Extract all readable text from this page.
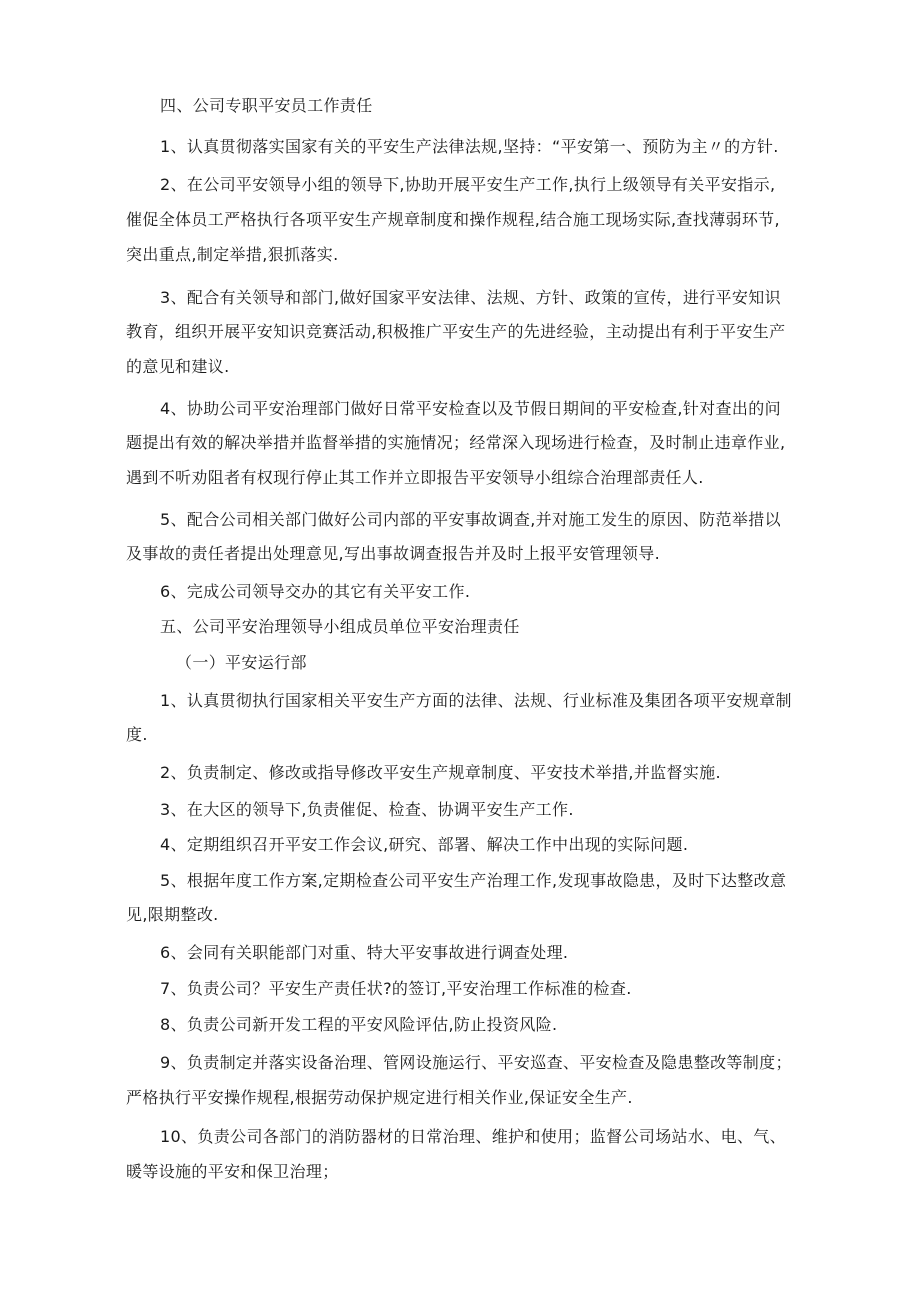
四、公司专职平安员工作责任
1、认真贯彻落实国家有关的平安生产法律法规,坚持：“平安第一、预防为主〃的方针.
2、在公司平安领导小组的领导下,协助开展平安生产工作,执行上级领导有关平安指示,
催促全体员工严格执行各项平安生产规章制度和操作规程,结合施工现场实际,查找薄弱环节,
突出重点,制定举措,狠抓落实.
3、配合有关领导和部门,做好国家平安法律、法规、方针、政策的宣传，进行平安知识
教育，组织开展平安知识竞赛活动,积极推广平安生产的先进经验，主动提出有利于平安生产
的意见和建议.
4、协助公司平安治理部门做好日常平安检查以及节假日期间的平安检查,针对查出的问
题提出有效的解决举措并监督举措的实施情况；经常深入现场进行检查，及时制止违章作业,
遇到不听劝阻者有权现行停止其工作并立即报告平安领导小组综合治理部责任人.
5、配合公司相关部门做好公司内部的平安事故调查,并对施工发生的原因、防范举措以
及事故的责任者提出处理意见,写出事故调查报告并及时上报平安管理领导.
6、完成公司领导交办的其它有关平安工作.
五、公司平安治理领导小组成员单位平安治理责任
（一）平安运行部
1、认真贯彻执行国家相关平安生产方面的法律、法规、行业标准及集团各项平安规章制
度.
2、负责制定、修改或指导修改平安生产规章制度、平安技术举措,并监督实施.
3、在大区的领导下,负责催促、检查、协调平安生产工作.
4、定期组织召开平安工作会议,研究、部署、解决工作中出现的实际问题.
5、根据年度工作方案,定期检查公司平安生产治理工作,发现事故隐患，及时下达整改意
见,限期整改.
6、会同有关职能部门对重、特大平安事故进行调查处理.
7、负责公司？平安生产责任状?的签订,平安治理工作标准的检查.
8、负责公司新开发工程的平安风险评估,防止投资风险.
9、负责制定并落实设备治理、管网设施运行、平安巡查、平安检查及隐患整改等制度；
严格执行平安操作规程,根据劳动保护规定进行相关作业,保证安全生产.
10、负责公司各部门的消防器材的日常治理、维护和使用；监督公司场站水、电、气、
暖等设施的平安和保卫治理；
